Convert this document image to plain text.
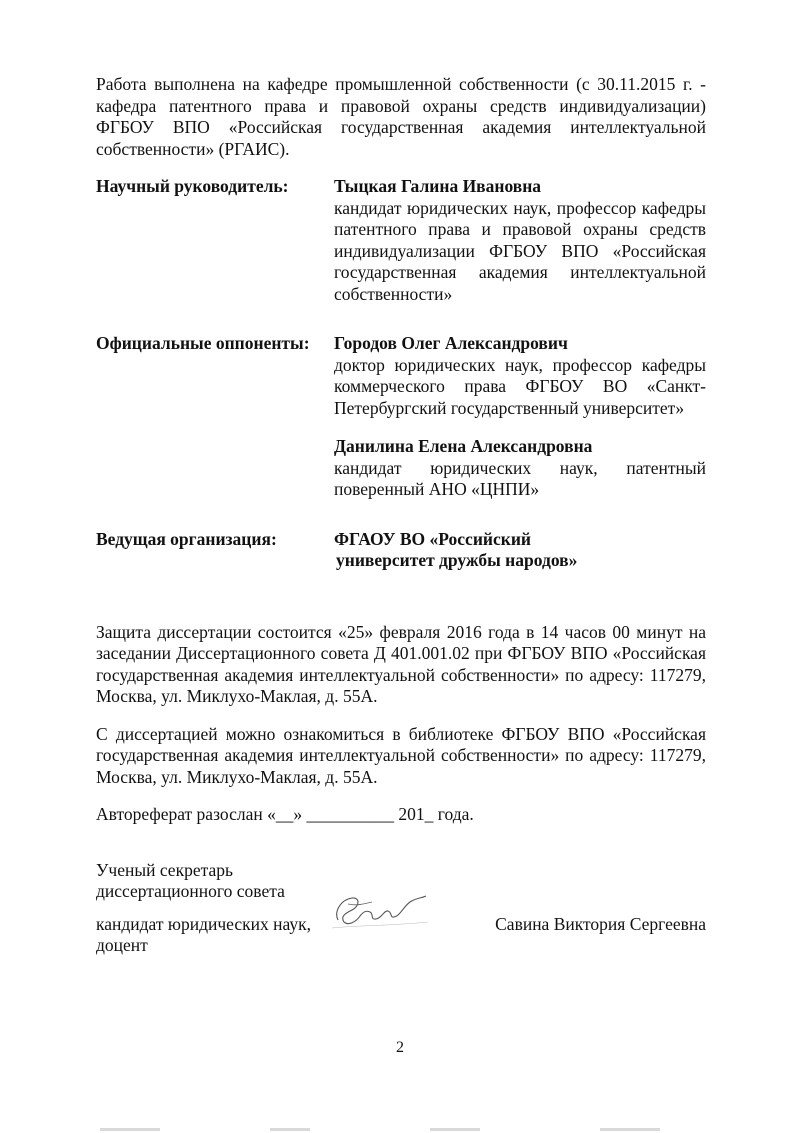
Работа выполнена на кафедре промышленной собственности (с 30.11.2015 г. - кафедра патентного права и правовой охраны средств индивидуализации) ФГБОУ ВПО «Российская государственная академия интеллектуальной собственности» (РГАИС).

Научный руководитель:	Тыцкая Галина Ивановна
кандидат юридических наук, профессор кафедры патентного права и правовой охраны средств индивидуализации ФГБОУ ВПО «Российская государственная академия интеллектуальной собственности»
Официальные оппоненты:	Городов Олег Александрович
доктор юридических наук, профессор кафедры коммерческого права ФГБОУ ВО «Санкт-Петербургский государственный университет»
Данилина Елена Александровна
кандидат юридических наук, патентный поверенный АНО «ЦНПИ»
Ведущая организация:	ФГАОУ ВО «Российский
университет дружбы народов»

Защита диссертации состоится «25» февраля 2016 года в 14 часов 00 минут на заседании Диссертационного совета Д 401.001.02 при ФГБОУ ВПО «Российская государственная академия интеллектуальной собственности» по адресу: 117279, Москва, ул. Миклухо-Маклая, д. 55А.

С диссертацией можно ознакомиться в библиотеке ФГБОУ ВПО «Российская государственная академия интеллектуальной собственности» по адресу: 117279, Москва, ул. Миклухо-Маклая, д. 55А.

Автореферат разослан «__» __________ 201_ года.

Ученый секретарь
диссертационного совета
кандидат юридических наук,
доцент
Савина Виктория Сергеевна
2
